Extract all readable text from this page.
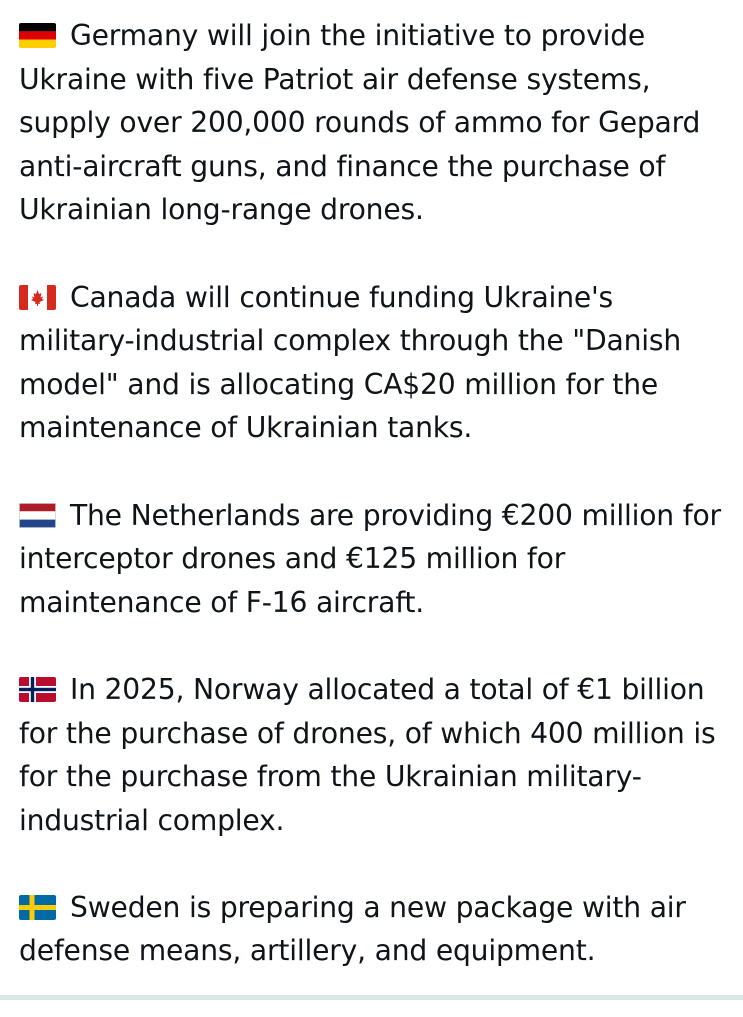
Germany will join the initiative to provide Ukraine with five Patriot air defense systems, supply over 200,000 rounds of ammo for Gepard anti-aircraft guns, and finance the purchase of Ukrainian long-range drones.

Canada will continue funding Ukraine's military-industrial complex through the "Danish model" and is allocating CA$20 million for the maintenance of Ukrainian tanks.

The Netherlands are providing €200 million for interceptor drones and €125 million for maintenance of F-16 aircraft.

In 2025, Norway allocated a total of €1 billion for the purchase of drones, of which 400 million is for the purchase from the Ukrainian military-industrial complex.

Sweden is preparing a new package with air defense means, artillery, and equipment.
